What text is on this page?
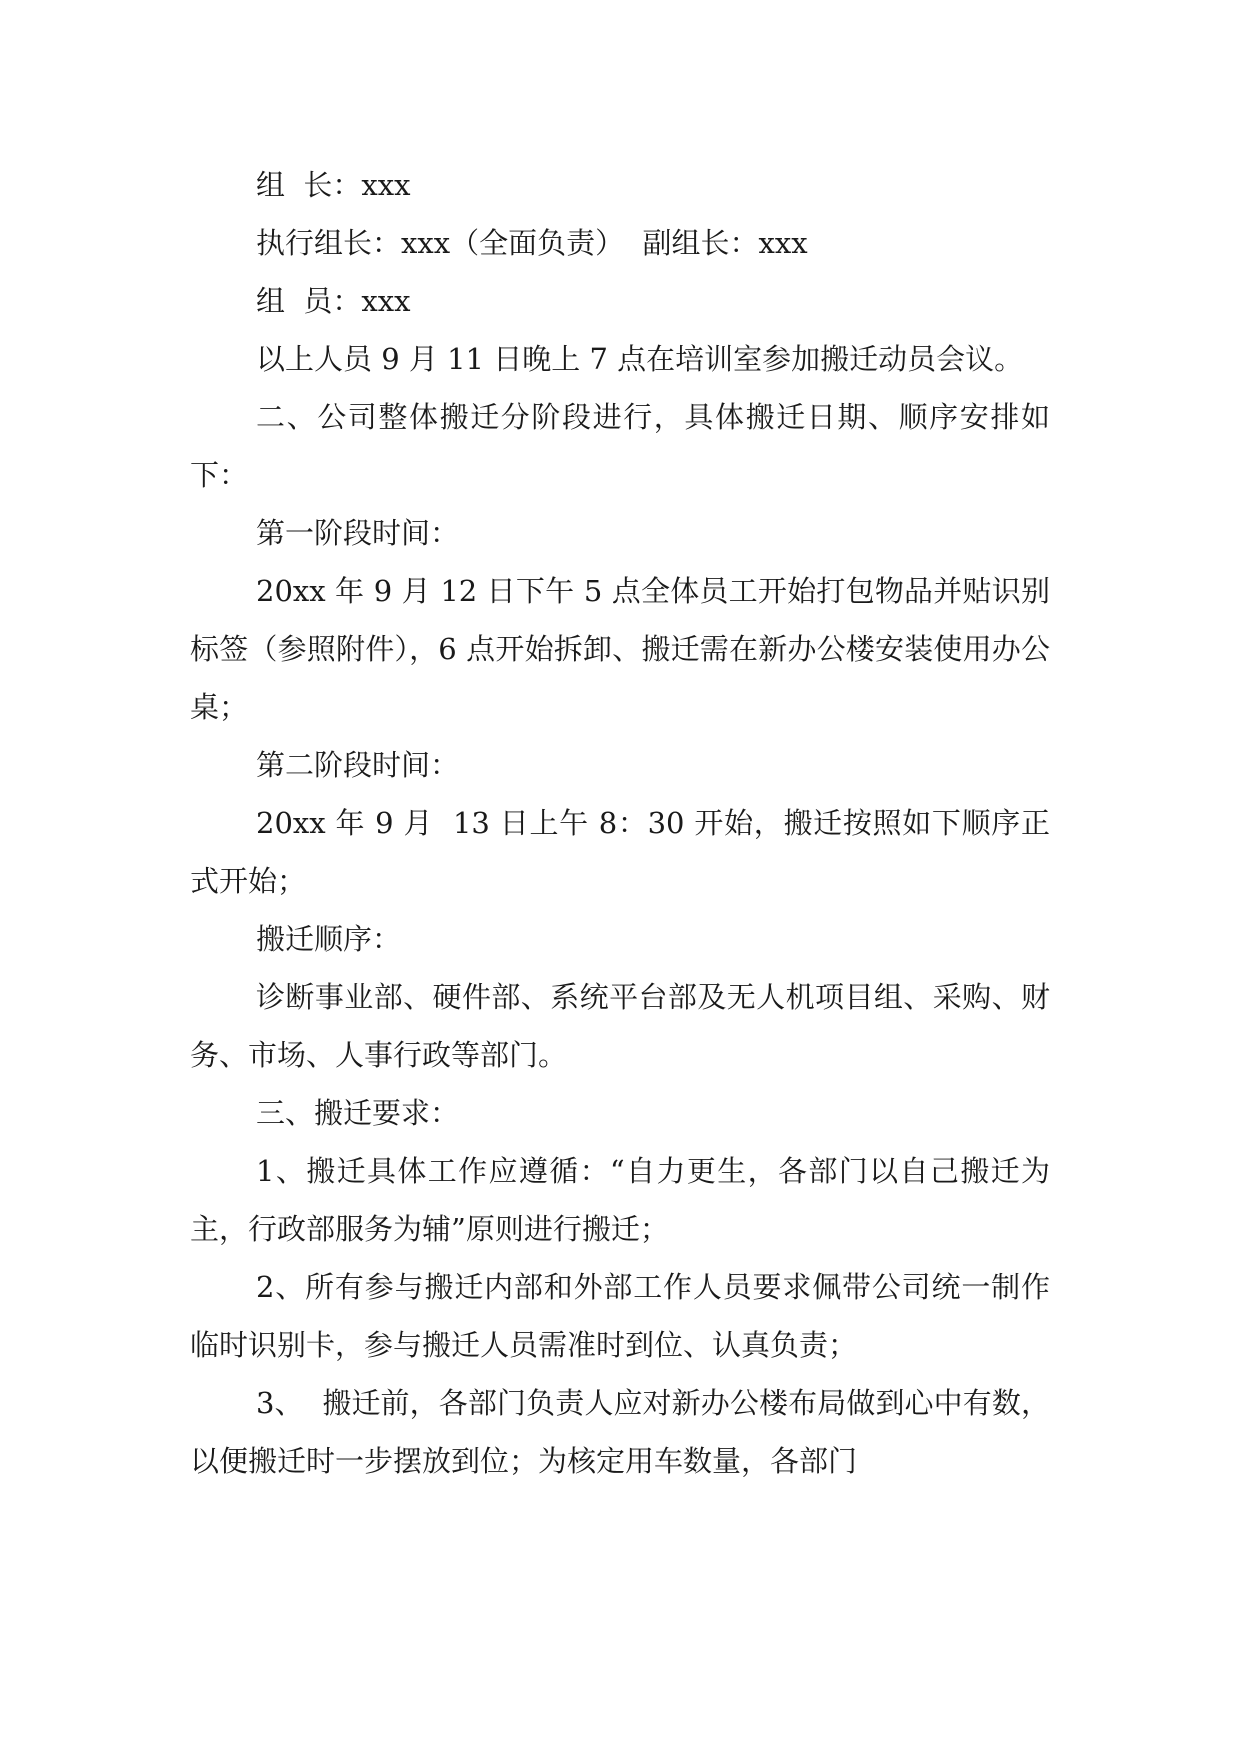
组  长：xxx

执行组长：xxx（全面负责）  副组长：xxx

组  员：xxx

以上人员 9 月 11 日晚上 7 点在培训室参加搬迁动员会议。

二、公司整体搬迁分阶段进行，具体搬迁日期、顺序安排如下：

第一阶段时间：

20xx 年 9 月 12 日下午 5 点全体员工开始打包物品并贴识别标签（参照附件），6 点开始拆卸、搬迁需在新办公楼安装使用办公桌；

第二阶段时间：

20xx 年 9 月  13 日上午 8：30 开始，搬迁按照如下顺序正式开始；

搬迁顺序：

诊断事业部、硬件部、系统平台部及无人机项目组、采购、财务、市场、人事行政等部门。

三、搬迁要求：

1、搬迁具体工作应遵循：“自力更生，各部门以自己搬迁为主，行政部服务为辅”原则进行搬迁；

2、所有参与搬迁内部和外部工作人员要求佩带公司统一制作临时识别卡，参与搬迁人员需准时到位、认真负责；

3、  搬迁前，各部门负责人应对新办公楼布局做到心中有数，以便搬迁时一步摆放到位；为核定用车数量，各部门
